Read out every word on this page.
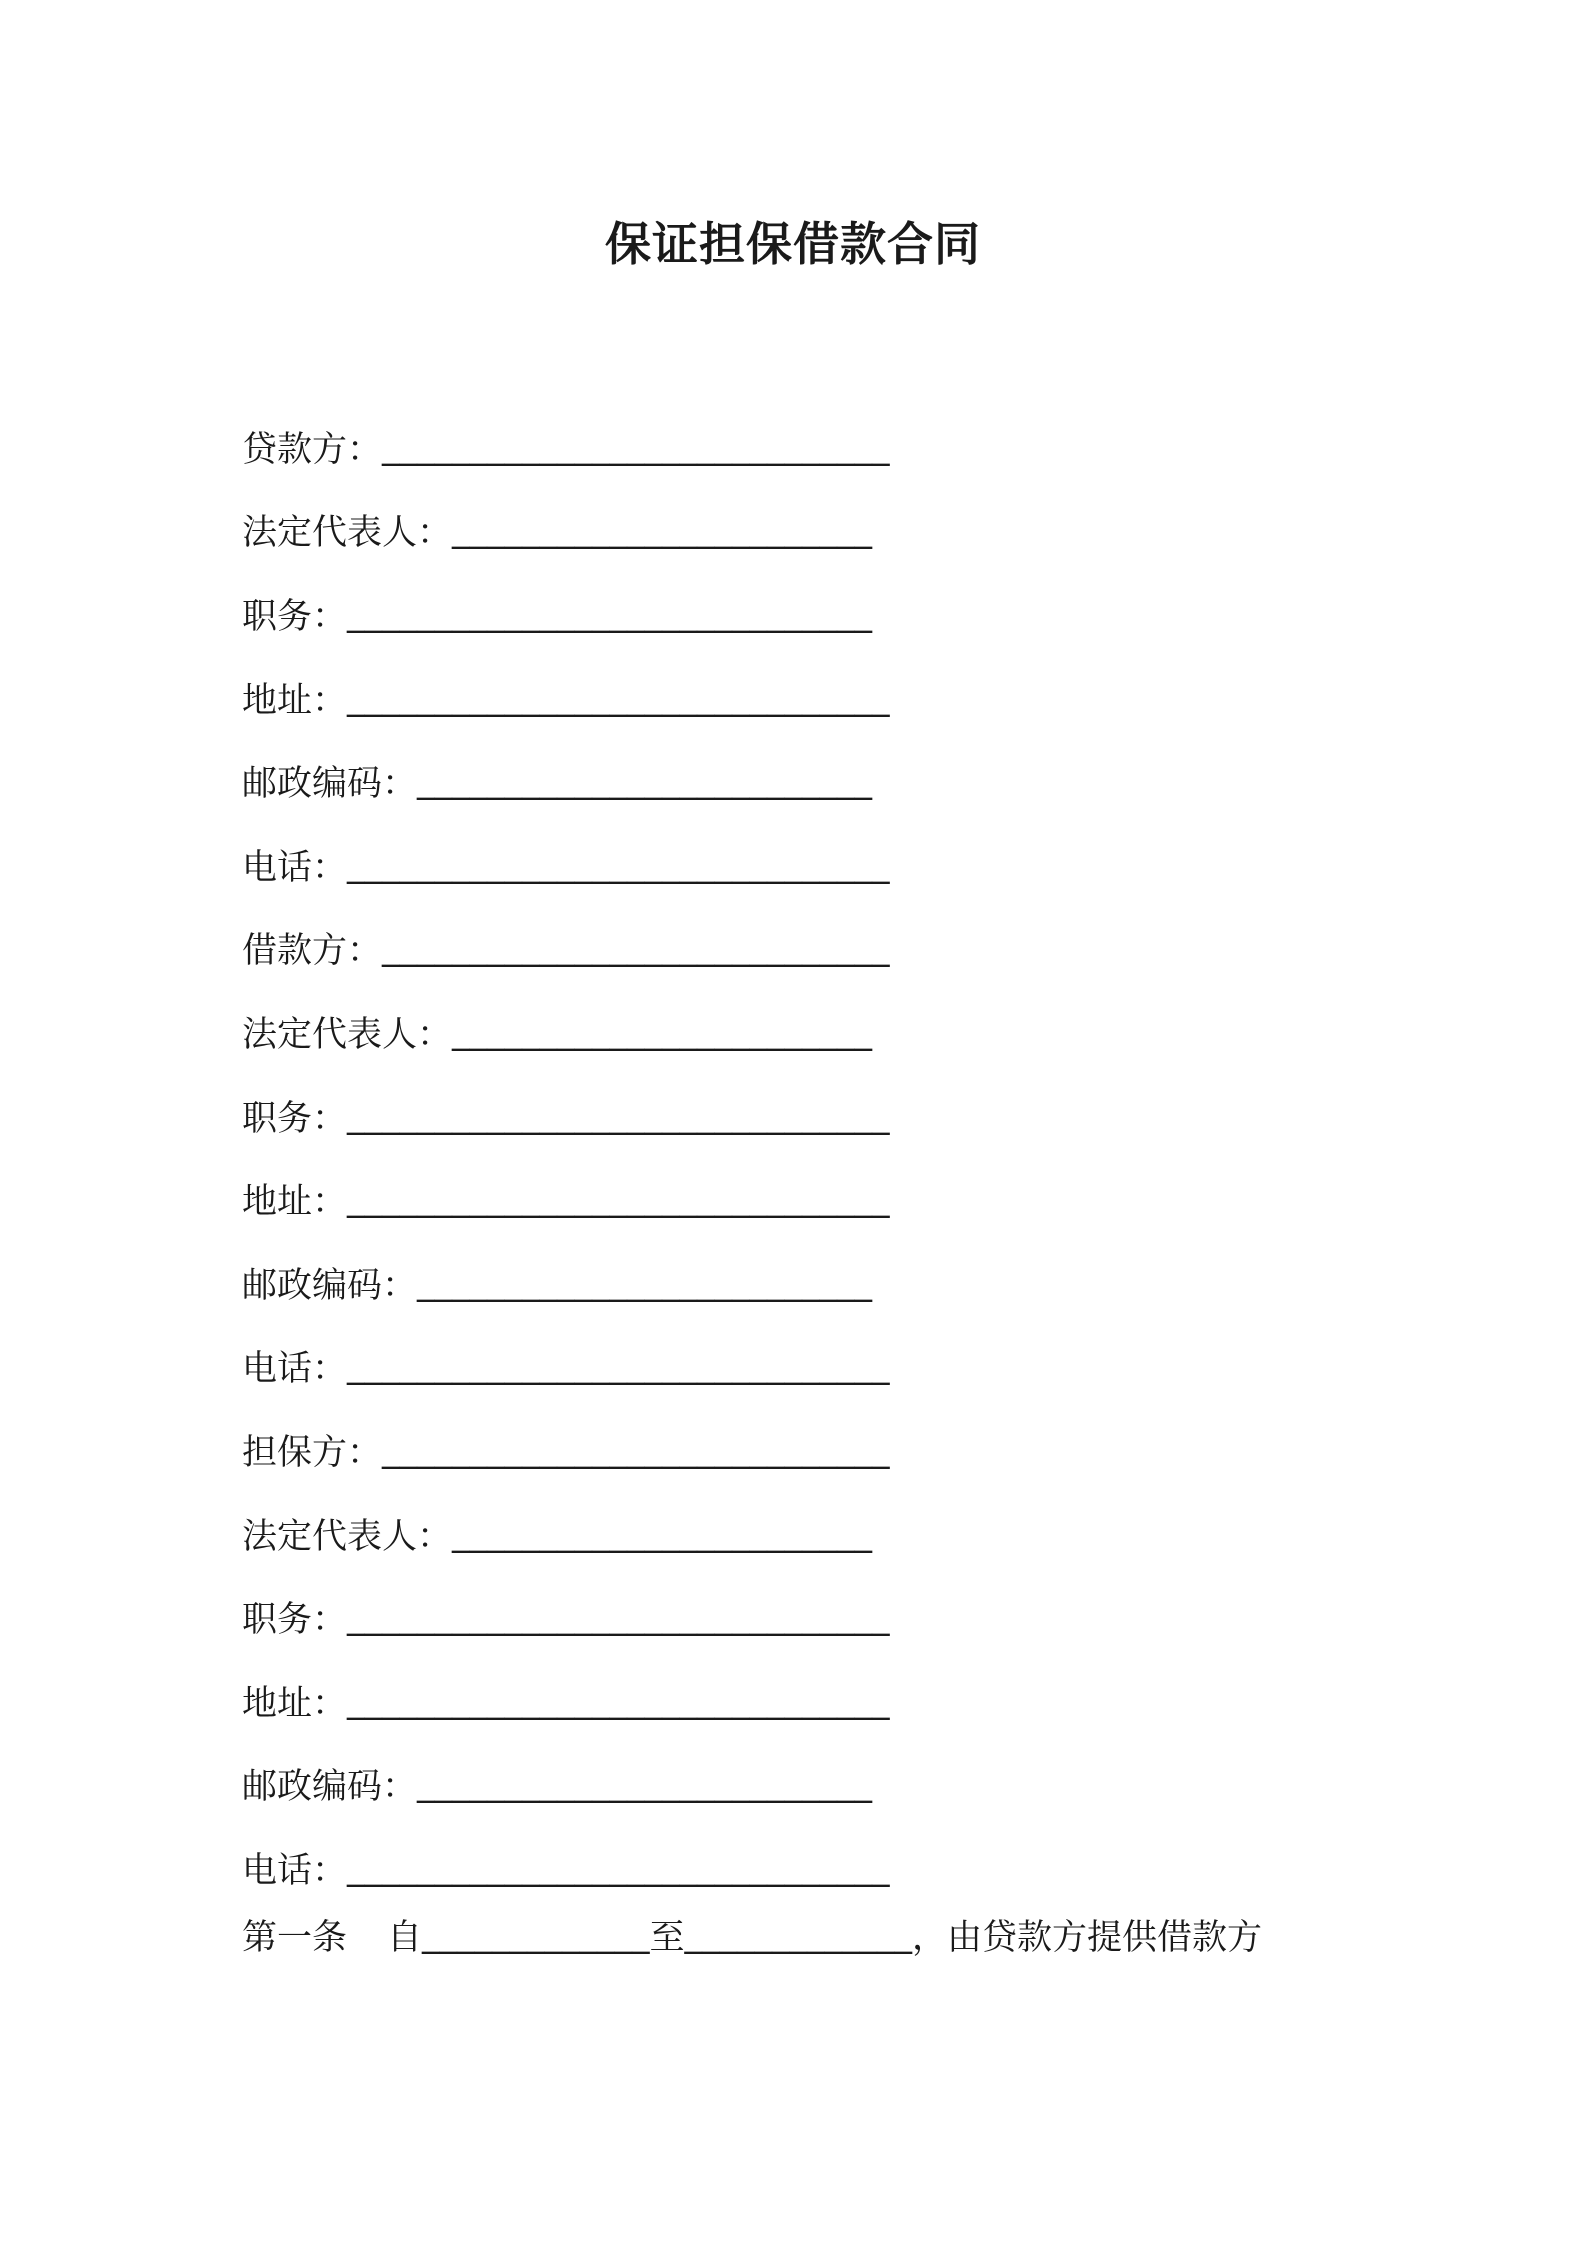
保证担保借款合同
贷款方： _____________________________
法定代表人： ________________________
职务： ______________________________
地址： _______________________________
邮政编码： __________________________
电话： _______________________________
借款方： _____________________________
法定代表人： ________________________
职务： _______________________________
地址： _______________________________
邮政编码： __________________________
电话： _______________________________
担保方： _____________________________
法定代表人： ________________________
职务： _______________________________
地址： _______________________________
邮政编码： __________________________
电话： _______________________________
第一条 自 _____________ 至 _____________ ，由贷款方提供借款方
